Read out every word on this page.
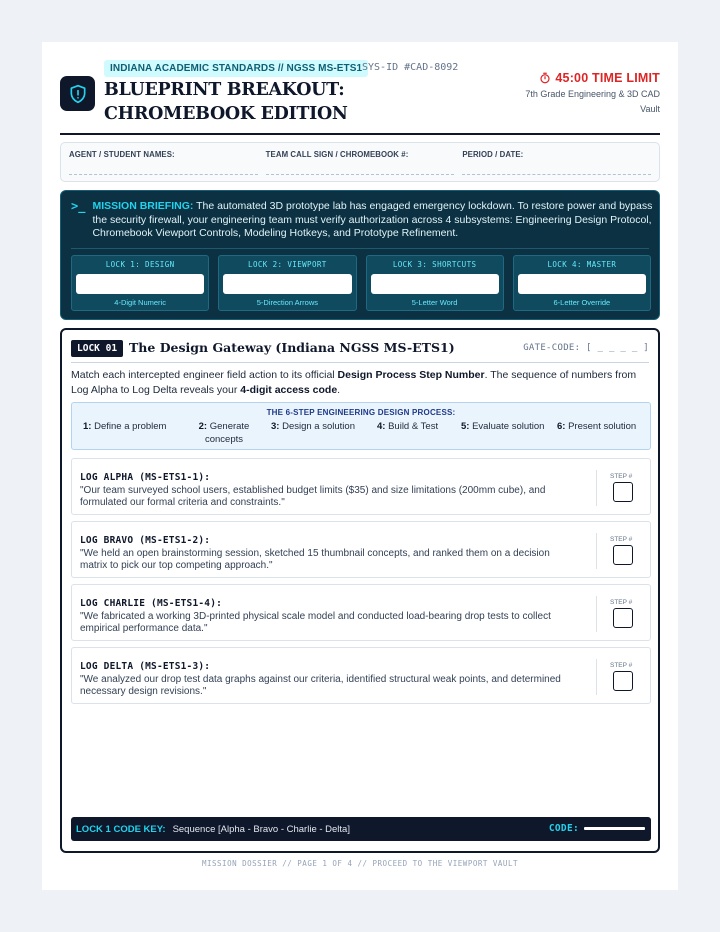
INDIANA ACADEMIC STANDARDS // NGSS MS-ETS1 SYS-ID #CAD-8092
BLUEPRINT BREAKOUT: CHROMEBOOK EDITION
45:00 TIME LIMIT
7th Grade Engineering & 3D CAD Vault
AGENT / STUDENT NAMES:	TEAM CALL SIGN / CHROMEBOOK #:	PERIOD / DATE:
>_ MISSION BRIEFING: The automated 3D prototype lab has engaged emergency lockdown. To restore power and bypass the security firewall, your engineering team must verify authorization across 4 subsystems: Engineering Design Protocol, Chromebook Viewport Controls, Modeling Hotkeys, and Prototype Refinement.
LOCK 1: DESIGN
4-Digit Numeric
LOCK 2: VIEWPORT
5-Direction Arrows
LOCK 3: SHORTCUTS
5-Letter Word
LOCK 4: MASTER
6-Letter Override
LOCK 01 The Design Gateway (Indiana NGSS MS-ETS1)	GATE-CODE: [ _ _ _ _ ]
Match each intercepted engineer field action to its official Design Process Step Number. The sequence of numbers from Log Alpha to Log Delta reveals your 4-digit access code.
THE 6-STEP ENGINEERING DESIGN PROCESS:
1: Define a problem	2: Generate concepts
3: Design a solution 4: Build & Test 5: Evaluate solution 6: Present solution
LOG ALPHA (MS-ETS1-1):
"Our team surveyed school users, established budget limits ($35) and size limitations (200mm cube), and formulated our formal criteria and constraints."
STEP #
LOG BRAVO (MS-ETS1-2):
"We held an open brainstorming session, sketched 15 thumbnail concepts, and ranked them on a decision matrix to pick our top competing approach."
STEP #
LOG CHARLIE (MS-ETS1-4):
"We fabricated a working 3D-printed physical scale model and conducted load-bearing drop tests to collect empirical performance data."
STEP #
LOG DELTA (MS-ETS1-3):
"We analyzed our drop test data graphs against our criteria, identified structural weak points, and determined necessary design revisions."
STEP #
LOCK 1 CODE KEY: Sequence [Alpha - Bravo - Charlie - Delta]	CODE:
MISSION DOSSIER // PAGE 1 OF 4 // PROCEED TO THE VIEWPORT VAULT
